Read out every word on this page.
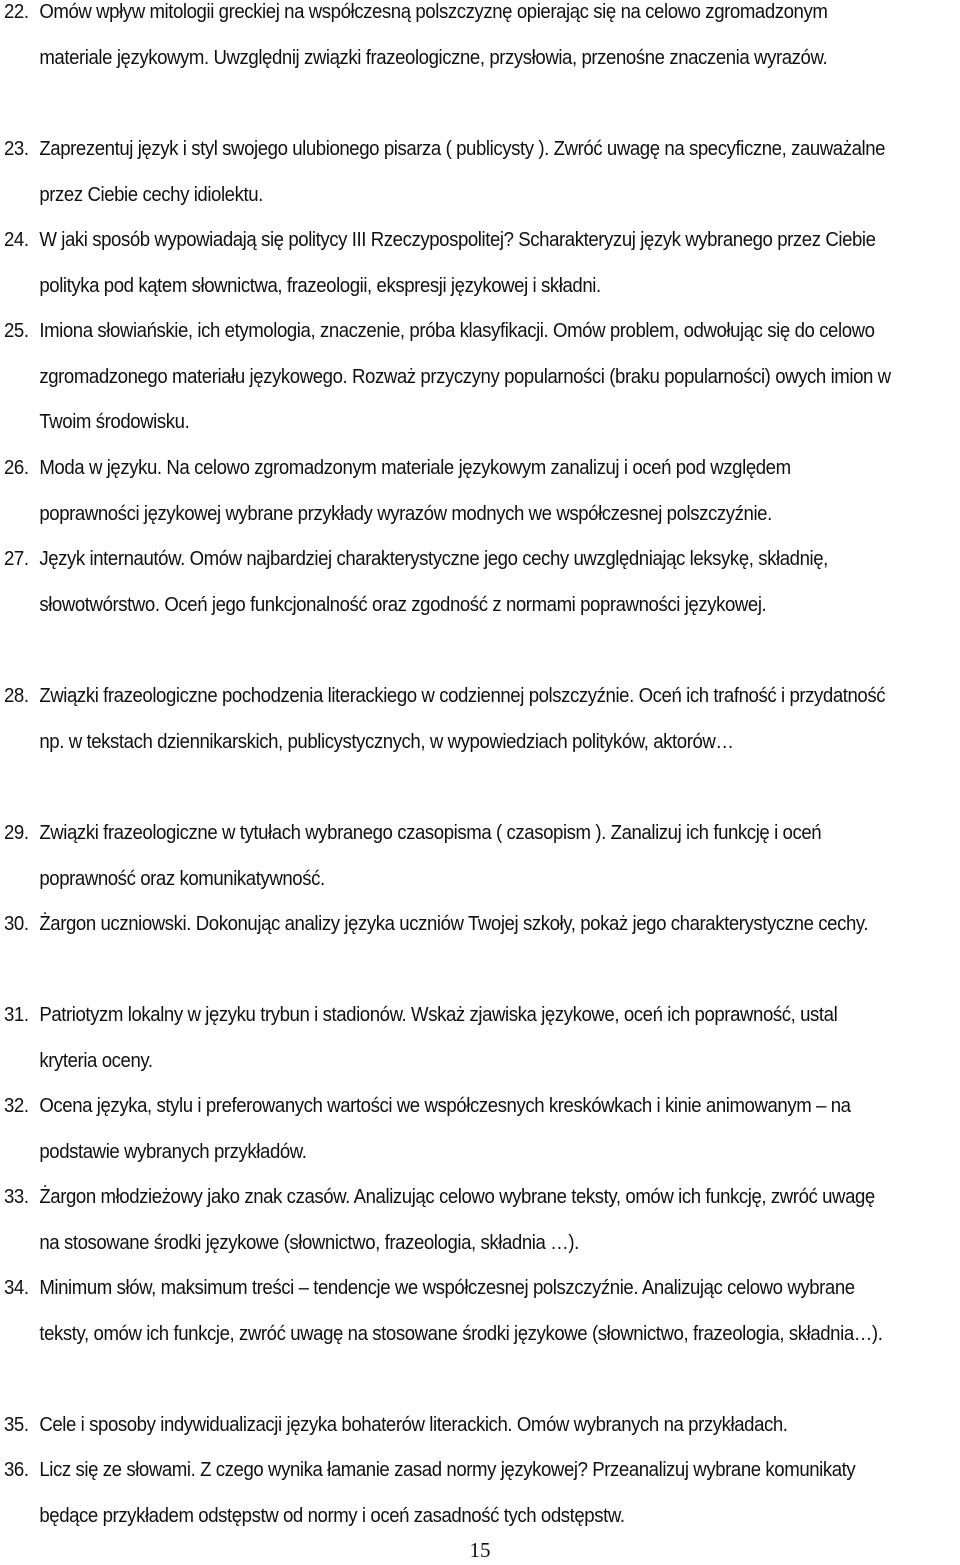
22. Omów wpływ mitologii greckiej na współczesną polszczyznę opierając się na celowo zgromadzonym materiale językowym. Uwzględnij związki frazeologiczne, przysłowia, przenośne znaczenia wyrazów.
23. Zaprezentuj język i styl swojego ulubionego pisarza ( publicysty ). Zwróć uwagę na specyficzne, zauważalne przez Ciebie cechy idiolektu.
24. W jaki sposób wypowiadają się politycy III Rzeczypospolitej? Scharakteryzuj język wybranego przez Ciebie polityka pod kątem słownictwa, frazeologii, ekspresji językowej i składni.
25. Imiona słowiańskie, ich etymologia, znaczenie, próba klasyfikacji. Omów problem, odwołując się do celowo zgromadzonego materiału językowego. Rozważ przyczyny popularności (braku popularności) owych imion w Twoim środowisku.
26. Moda w języku. Na celowo zgromadzonym materiale językowym zanalizuj i oceń pod względem poprawności językowej wybrane przykłady wyrazów modnych we współczesnej polszczyźnie.
27. Język internautów. Omów najbardziej charakterystyczne jego cechy uwzględniając leksykę, składnię, słowotwórstwo. Oceń jego funkcjonalność oraz zgodność z normami poprawności językowej.
28. Związki frazeologiczne pochodzenia literackiego w codziennej polszczyźnie. Oceń ich trafność i przydatność np. w tekstach dziennikarskich, publicystycznych, w wypowiedziach polityków, aktorów…
29. Związki frazeologiczne w tytułach wybranego czasopisma ( czasopism ). Zanalizuj ich funkcję i oceń poprawność oraz komunikatywność.
30. Żargon uczniowski. Dokonując analizy języka uczniów Twojej szkoły, pokaż jego charakterystyczne cechy.
31. Patriotyzm lokalny w języku trybun i stadionów. Wskaż zjawiska językowe, oceń ich poprawność, ustal kryteria oceny.
32. Ocena języka, stylu i preferowanych wartości we współczesnych kreskówkach i kinie animowanym – na podstawie wybranych przykładów.
33. Żargon młodzieżowy jako znak czasów. Analizując celowo wybrane teksty, omów ich funkcję, zwróć uwagę na stosowane środki językowe (słownictwo, frazeologia, składnia …).
34. Minimum słów, maksimum treści – tendencje we współczesnej polszczyźnie. Analizując celowo wybrane teksty, omów ich funkcje, zwróć uwagę na stosowane środki językowe (słownictwo, frazeologia, składnia…).
35. Cele i sposoby indywidualizacji języka bohaterów literackich. Omów wybranych na przykładach.
36. Licz się ze słowami. Z czego wynika łamanie zasad normy językowej? Przeanalizuj wybrane komunikaty będące przykładem odstępstw od normy i oceń zasadność tych odstępstw.
15
